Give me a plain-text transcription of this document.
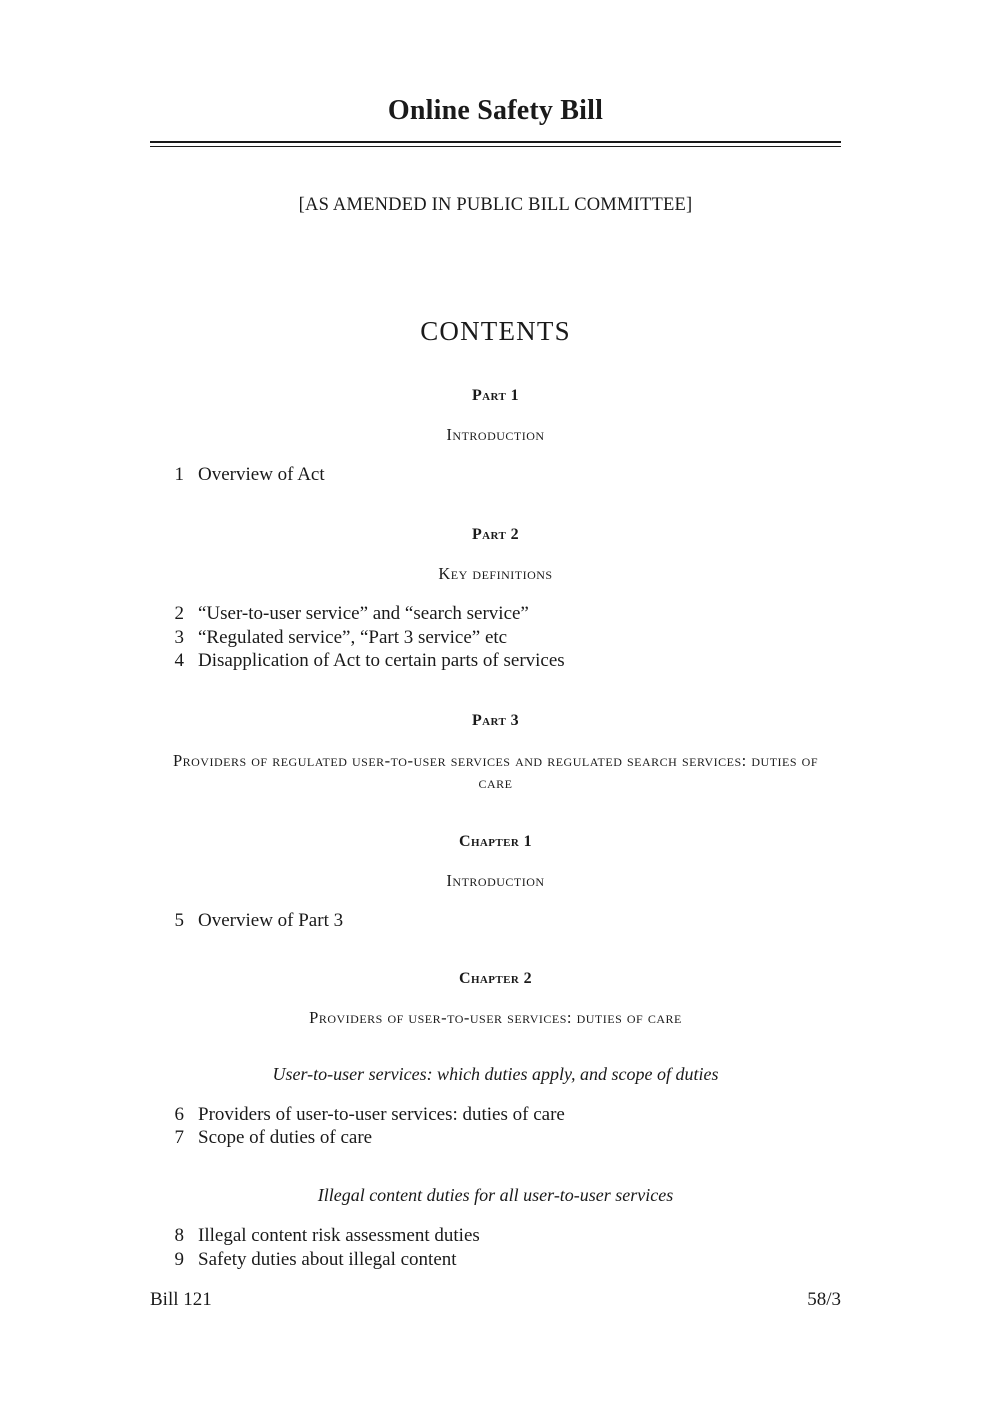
Online Safety Bill
[AS AMENDED IN PUBLIC BILL COMMITTEE]
CONTENTS
Part 1
Introduction
1 Overview of Act
Part 2
Key definitions
2 “User-to-user service” and “search service”
3 “Regulated service”, “Part 3 service” etc
4 Disapplication of Act to certain parts of services
Part 3
Providers of regulated user-to-user services and regulated search services: duties of care
Chapter 1
Introduction
5 Overview of Part 3
Chapter 2
Providers of user-to-user services: duties of care
User-to-user services: which duties apply, and scope of duties
6 Providers of user-to-user services: duties of care
7 Scope of duties of care
Illegal content duties for all user-to-user services
8 Illegal content risk assessment duties
9 Safety duties about illegal content
Bill 121	58/3
